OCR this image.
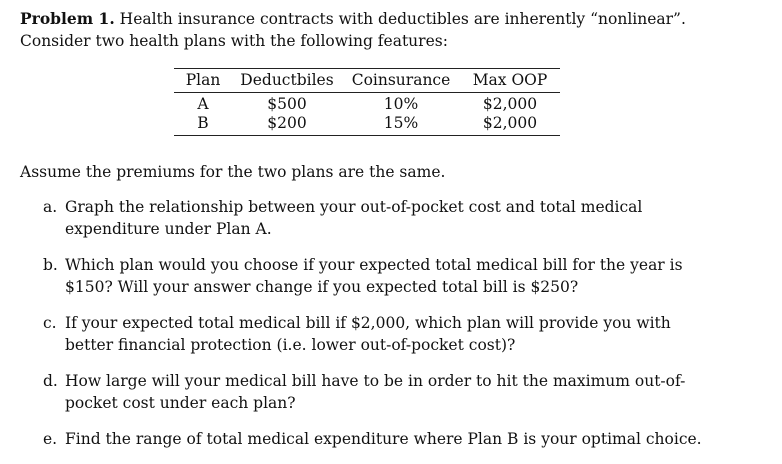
Problem 1. Health insurance contracts with deductibles are inherently “nonlinear”. Consider two health plans with the following features:
Plan	Deductbiles	Coinsurance	Max OOP
A	$500	10%	$2,000
B	$200	15%	$2,000
Assume the premiums for the two plans are the same.
a. Graph the relationship between your out-of-pocket cost and total medical expenditure under Plan A.
b. Which plan would you choose if your expected total medical bill for the year is $150? Will your answer change if you expected total bill is $250?
c. If your expected total medical bill if $2,000, which plan will provide you with better financial protection (i.e. lower out-of-pocket cost)?
d. How large will your medical bill have to be in order to hit the maximum out-of-pocket cost under each plan?
e. Find the range of total medical expenditure where Plan B is your optimal choice.
